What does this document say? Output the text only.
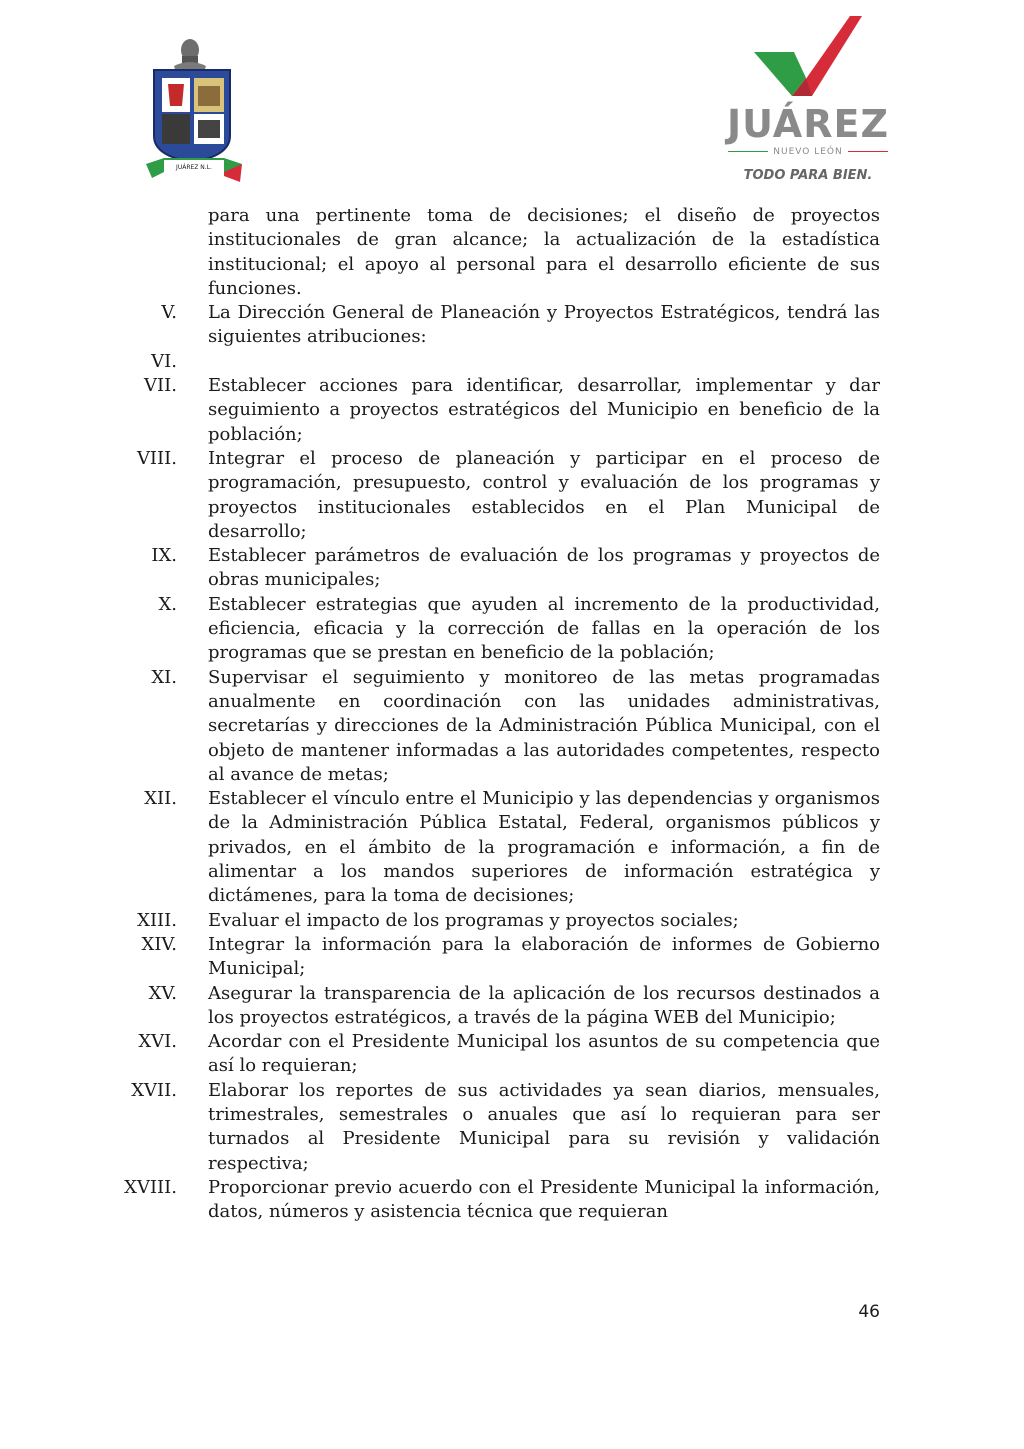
JUÁREZ N.L.
JUÁREZ
NUEVO LEÓN
TODO PARA BIEN.
para una pertinente toma de decisiones; el diseño de proyectos institucionales de gran alcance; la actualización de la estadística institucional; el apoyo al personal para el desarrollo eficiente de sus funciones.
V. La Dirección General de Planeación y Proyectos Estratégicos, tendrá las siguientes atribuciones:
VI.
VII. Establecer acciones para identificar, desarrollar, implementar y dar seguimiento a proyectos estratégicos del Municipio en beneficio de la población;
VIII. Integrar el proceso de planeación y participar en el proceso de programación, presupuesto, control y evaluación de los programas y proyectos institucionales establecidos en el Plan Municipal de desarrollo;
IX. Establecer parámetros de evaluación de los programas y proyectos de obras municipales;
X. Establecer estrategias que ayuden al incremento de la productividad, eficiencia, eficacia y la corrección de fallas en la operación de los programas que se prestan en beneficio de la población;
XI. Supervisar el seguimiento y monitoreo de las metas programadas anualmente en coordinación con las unidades administrativas, secretarías y direcciones de la Administración Pública Municipal, con el objeto de mantener informadas a las autoridades competentes, respecto al avance de metas;
XII. Establecer el vínculo entre el Municipio y las dependencias y organismos de la Administración Pública Estatal, Federal, organismos públicos y privados, en el ámbito de la programación e información, a fin de alimentar a los mandos superiores de información estratégica y dictámenes, para la toma de decisiones;
XIII. Evaluar el impacto de los programas y proyectos sociales;
XIV. Integrar la información para la elaboración de informes de Gobierno Municipal;
XV. Asegurar la transparencia de la aplicación de los recursos destinados a los proyectos estratégicos, a través de la página WEB del Municipio;
XVI. Acordar con el Presidente Municipal los asuntos de su competencia que así lo requieran;
XVII. Elaborar los reportes de sus actividades ya sean diarios, mensuales, trimestrales, semestrales o anuales que así lo requieran para ser turnados al Presidente Municipal para su revisión y validación respectiva;
XVIII. Proporcionar previo acuerdo con el Presidente Municipal la información, datos, números y asistencia técnica que requieran
46
